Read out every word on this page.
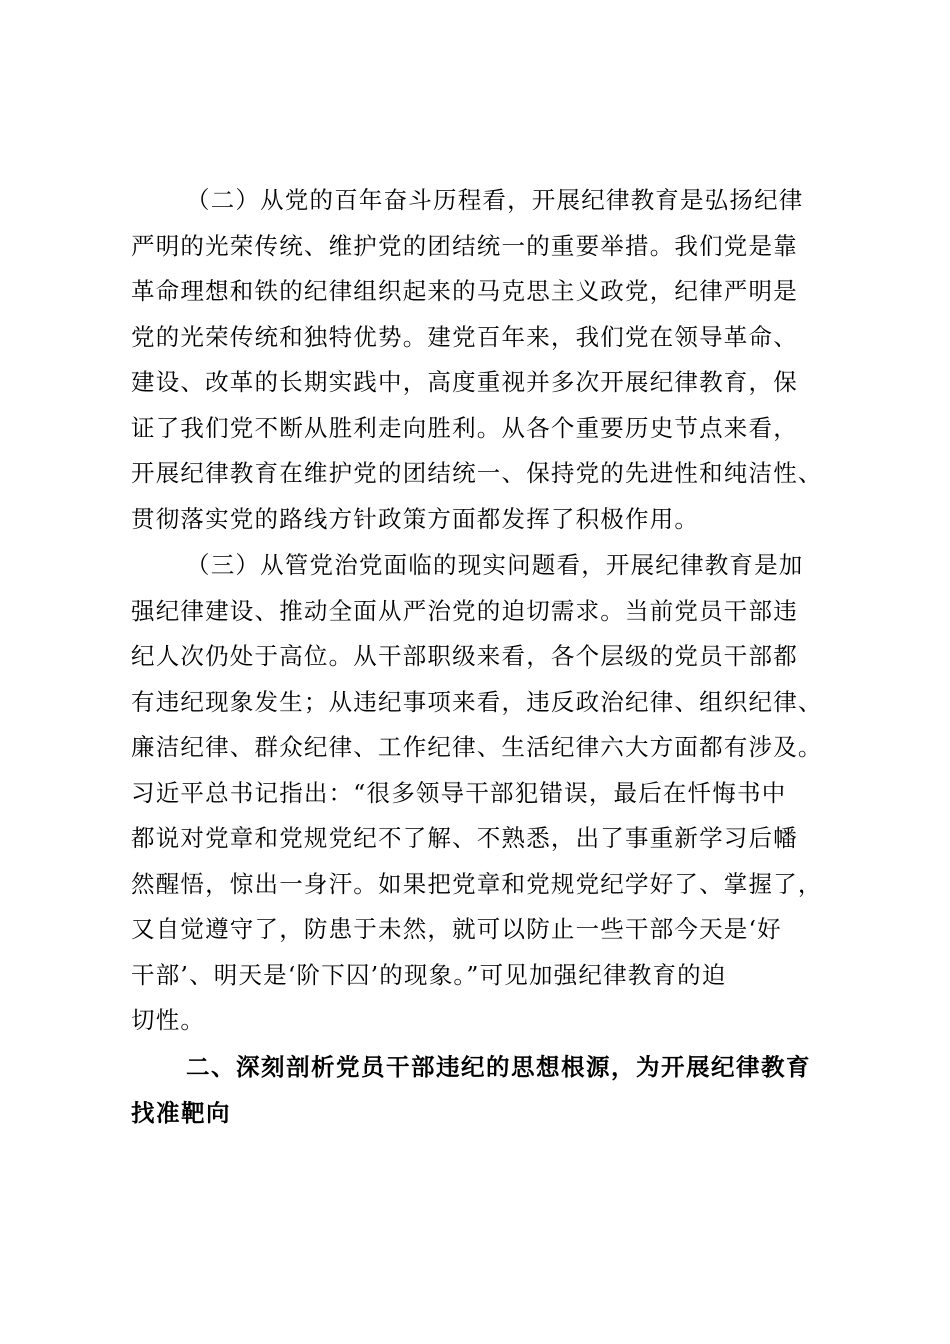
（二）从党的百年奋斗历程看，开展纪律教育是弘扬纪律
严明的光荣传统、维护党的团结统一的重要举措。我们党是靠
革命理想和铁的纪律组织起来的马克思主义政党，纪律严明是
党的光荣传统和独特优势。建党百年来，我们党在领导革命、
建设、改革的长期实践中，高度重视并多次开展纪律教育，保
证了我们党不断从胜利走向胜利。从各个重要历史节点来看，
开展纪律教育在维护党的团结统一、保持党的先进性和纯洁性、
贯彻落实党的路线方针政策方面都发挥了积极作用。
（三）从管党治党面临的现实问题看，开展纪律教育是加
强纪律建设、推动全面从严治党的迫切需求。当前党员干部违
纪人次仍处于高位。从干部职级来看，各个层级的党员干部都
有违纪现象发生；从违纪事项来看，违反政治纪律、组织纪律、
廉洁纪律、群众纪律、工作纪律、生活纪律六大方面都有涉及。
习近平总书记指出：“很多领导干部犯错误，最后在忏悔书中
都说对党章和党规党纪不了解、不熟悉，出了事重新学习后幡
然醒悟，惊出一身汗。如果把党章和党规党纪学好了、掌握了，
又自觉遵守了，防患于未然，就可以防止一些干部今天是‘好
干部’、明天是‘阶下囚’的现象。”可见加强纪律教育的迫
切性。
二、深刻剖析党员干部违纪的思想根源，为开展纪律教育
找准靶向
